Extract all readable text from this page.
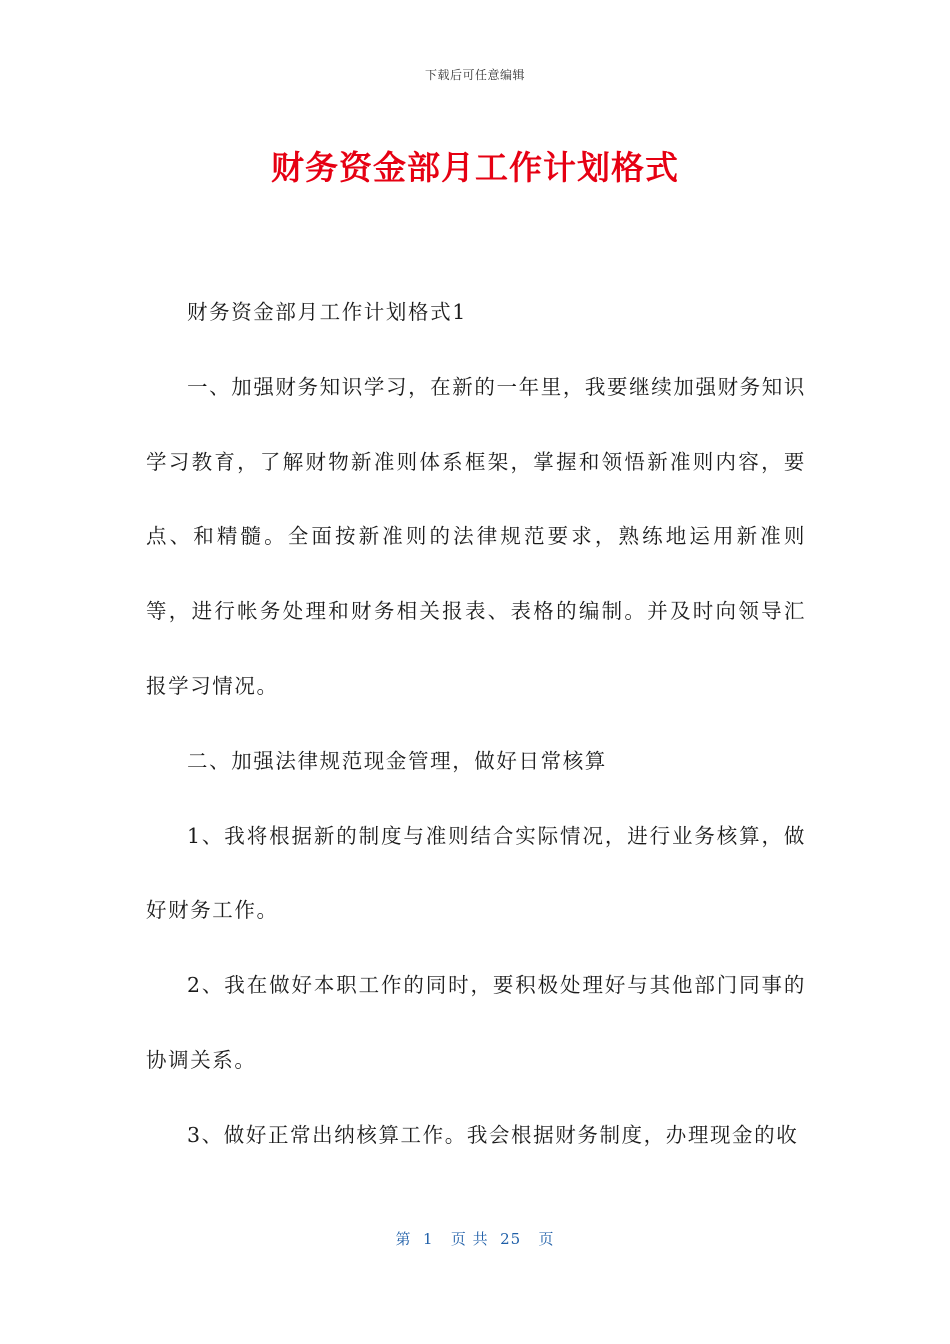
下载后可任意编辑
财务资金部月工作计划格式

财务资金部月工作计划格式1

一、加强财务知识学习，在新的一年里，我要继续加强财务知识学习教育，了解财物新准则体系框架，掌握和领悟新准则内容，要点、和精髓。全面按新准则的法律规范要求，熟练地运用新准则等，进行帐务处理和财务相关报表、表格的编制。并及时向领导汇报学习情况。

二、加强法律规范现金管理，做好日常核算

1、我将根据新的制度与准则结合实际情况，进行业务核算，做好财务工作。

2、我在做好本职工作的同时，要积极处理好与其他部门同事的协调关系。

3、做好正常出纳核算工作。我会根据财务制度，办理现金的收

第  1   页 共  25   页
